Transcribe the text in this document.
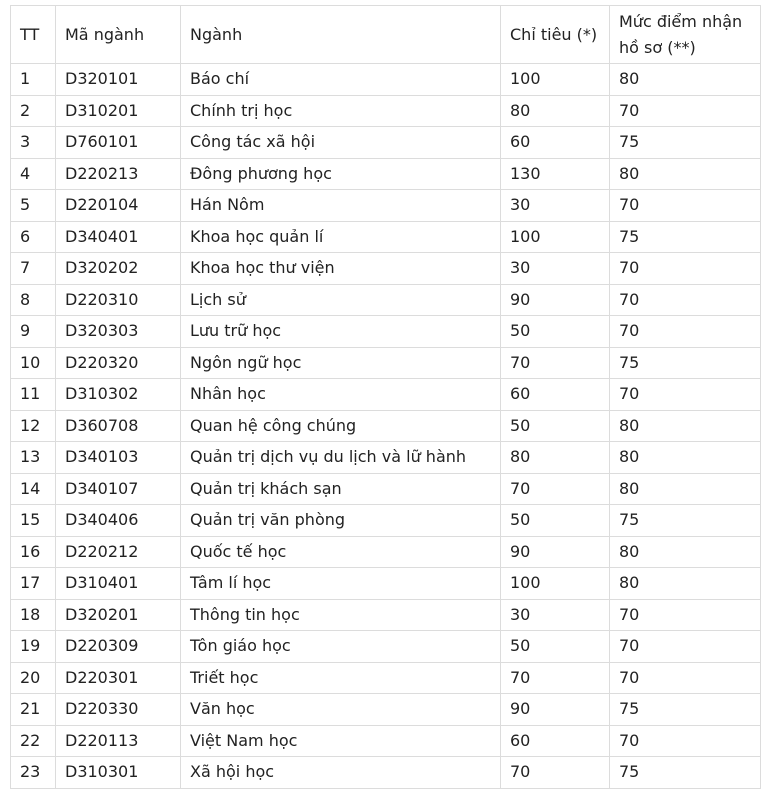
TT	Mã ngành	Ngành	Chỉ tiêu (*)	Mức điểm nhận hồ sơ (**)
1	D320101	Báo chí	100	80
2	D310201	Chính trị học	80	70
3	D760101	Công tác xã hội	60	75
4	D220213	Đông phương học	130	80
5	D220104	Hán Nôm	30	70
6	D340401	Khoa học quản lí	100	75
7	D320202	Khoa học thư viện	30	70
8	D220310	Lịch sử	90	70
9	D320303	Lưu trữ học	50	70
10	D220320	Ngôn ngữ học	70	75
11	D310302	Nhân học	60	70
12	D360708	Quan hệ công chúng	50	80
13	D340103	Quản trị dịch vụ du lịch và lữ hành	80	80
14	D340107	Quản trị khách sạn	70	80
15	D340406	Quản trị văn phòng	50	75
16	D220212	Quốc tế học	90	80
17	D310401	Tâm lí học	100	80
18	D320201	Thông tin học	30	70
19	D220309	Tôn giáo học	50	70
20	D220301	Triết học	70	70
21	D220330	Văn học	90	75
22	D220113	Việt Nam học	60	70
23	D310301	Xã hội học	70	75
